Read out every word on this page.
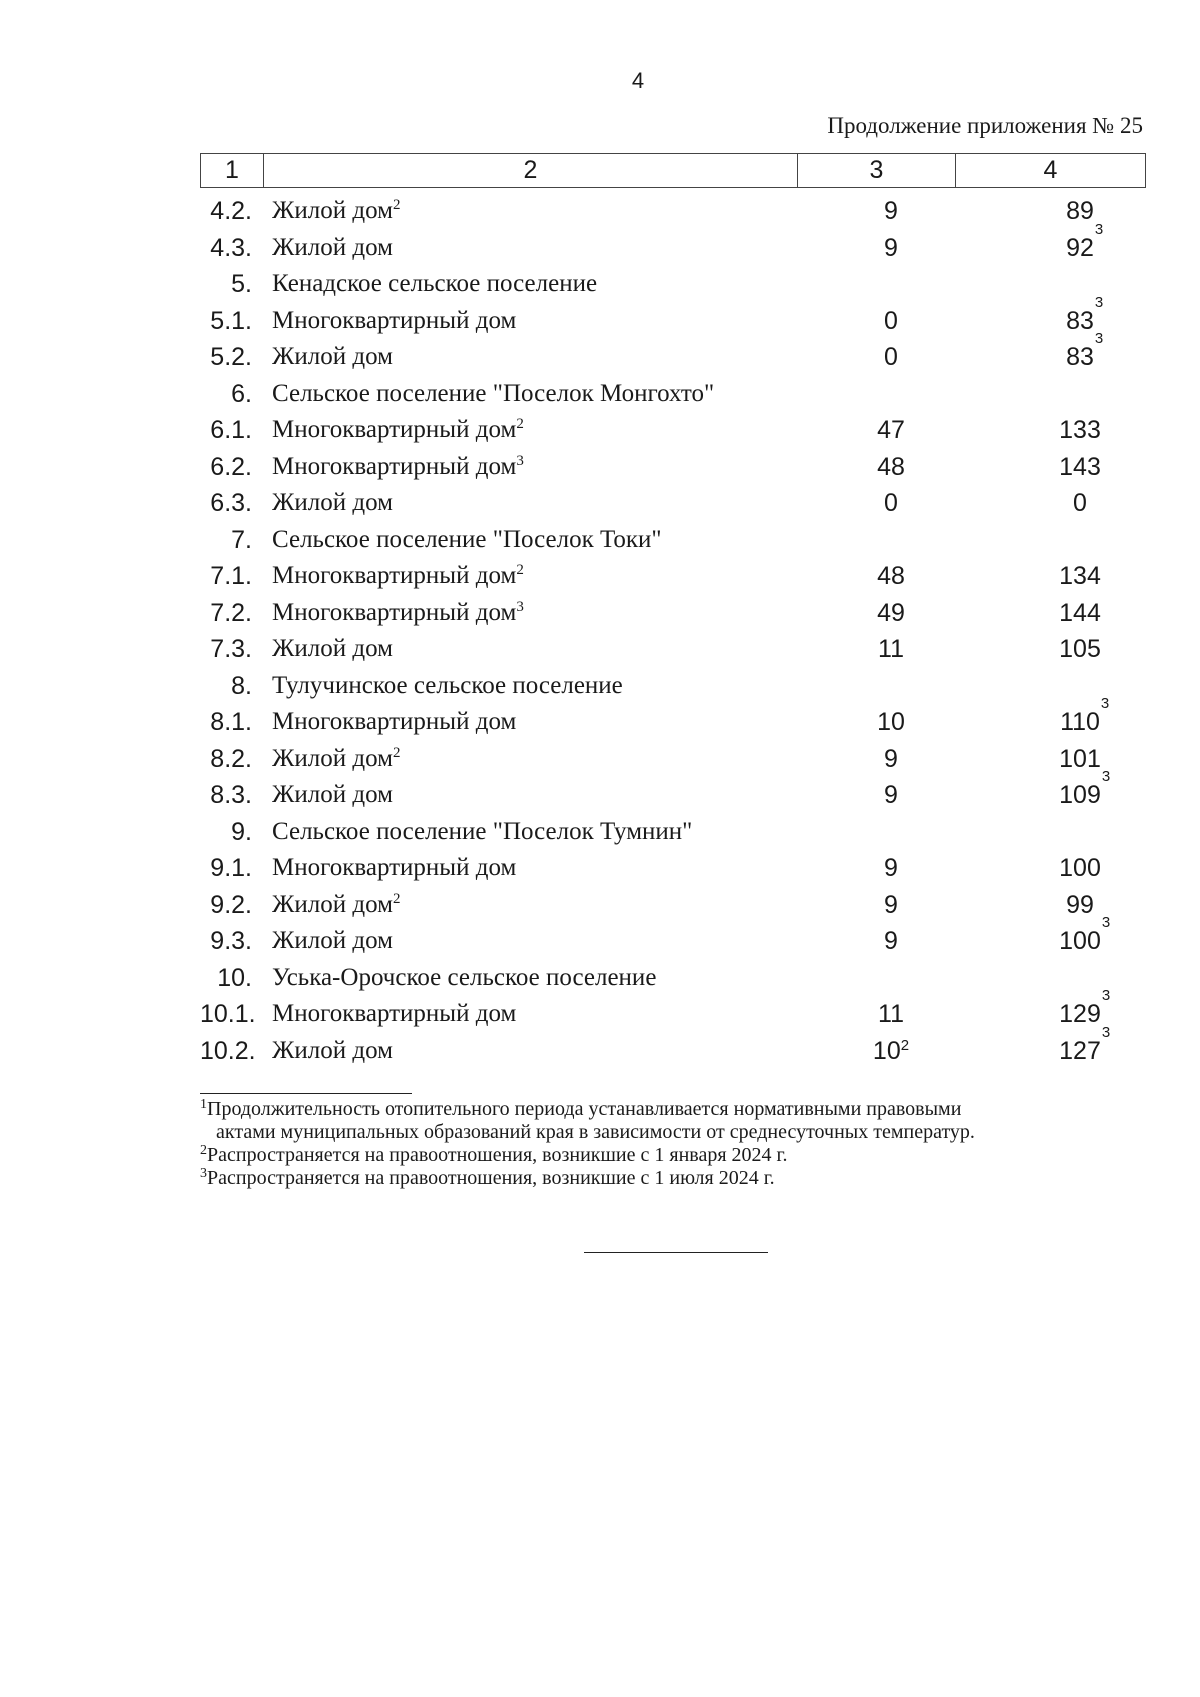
4
Продолжение приложения № 25
1	2	3	4
4.2. Жилой дом$^2$	9	89
4.3. Жилой дом	9	92
3
5. Кенадское сельское поселение
5.1. Многоквартирный дом	0	83
3
5.2. Жилой дом	0	83
3
6. Сельское поселение "Поселок Монгохто"
6.1. Многоквартирный дом$^2$	47	133
6.2. Многоквартирный дом$^3$	48	143
6.3. Жилой дом	0	0
7. Сельское поселение "Поселок Токи"
7.1. Многоквартирный дом$^2$	48	134
7.2. Многоквартирный дом$^3$	49	144
7.3. Жилой дом	11	105
8. Тулучинское сельское поселение
8.1. Многоквартирный дом	10	110
3
8.2. Жилой дом$^2$	9	101
8.3. Жилой дом	9	109
3
9. Сельское поселение "Поселок Тумнин"
9.1. Многоквартирный дом	9	100
9.2. Жилой дом$^2$	9	99
9.3. Жилой дом	9	100
3
10. Уська-Орочское сельское поселение
10.1. Многоквартирный дом	11	129
3
10.2. Жилой дом	$10^2$	127
3
$^1$Продолжительность отопительного периода устанавливается нормативными правовыми
актами муниципальных образований края в зависимости от среднесуточных температур.
$^2$Распространяется на правоотношения, возникшие с 1 января 2024 г.
$^3$Распространяется на правоотношения, возникшие с 1 июля 2024 г.
